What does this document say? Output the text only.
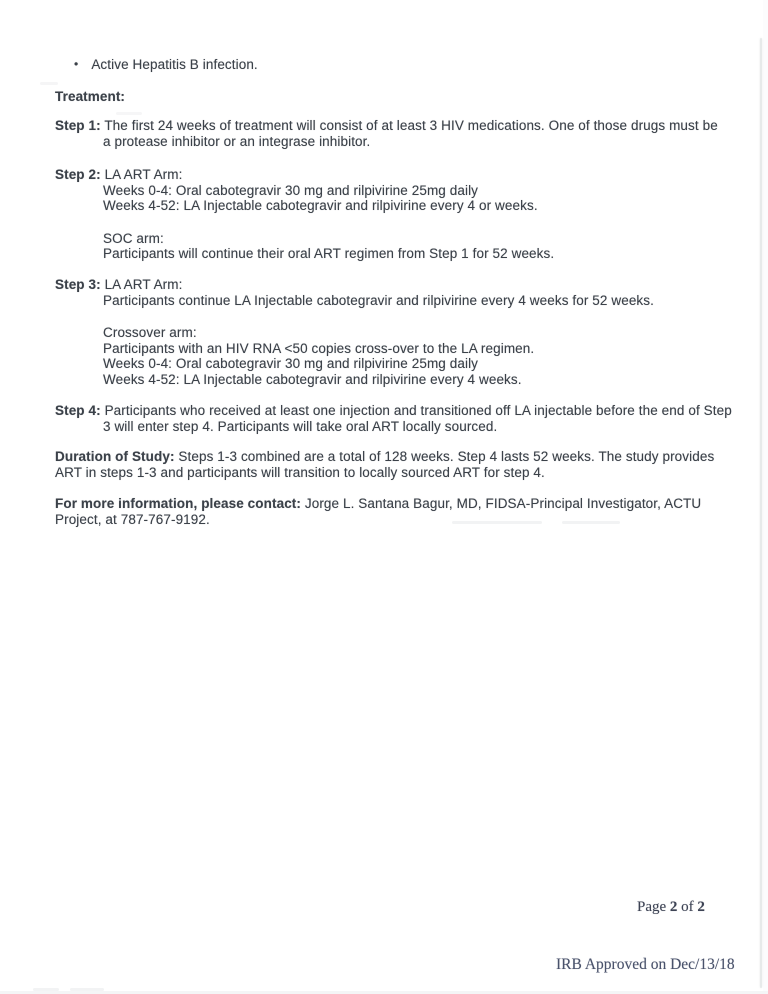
• Active Hepatitis B infection.
Treatment:

Step 1: The first 24 weeks of treatment will consist of at least 3 HIV medications. One of those drugs must be a protease inhibitor or an integrase inhibitor.

Step 2: LA ART Arm:
Weeks 0-4: Oral cabotegravir 30 mg and rilpivirine 25mg daily
Weeks 4-52: LA Injectable cabotegravir and rilpivirine every 4 or weeks.
SOC arm:
Participants will continue their oral ART regimen from Step 1 for 52 weeks.
Step 3: LA ART Arm:
Participants continue LA Injectable cabotegravir and rilpivirine every 4 weeks for 52 weeks.
Crossover arm:
Participants with an HIV RNA <50 copies cross-over to the LA regimen.
Weeks 0-4: Oral cabotegravir 30 mg and rilpivirine 25mg daily
Weeks 4-52: LA Injectable cabotegravir and rilpivirine every 4 weeks.

Step 4: Participants who received at least one injection and transitioned off LA injectable before the end of Step 3 will enter step 4. Participants will take oral ART locally sourced.

Duration of Study: Steps 1-3 combined are a total of 128 weeks. Step 4 lasts 52 weeks. The study provides ART in steps 1-3 and participants will transition to locally sourced ART for step 4.

For more information, please contact: Jorge L. Santana Bagur, MD, FIDSA-Principal Investigator, ACTU Project, at 787-767-9192.

Page 2 of 2
IRB Approved on Dec/13/18
